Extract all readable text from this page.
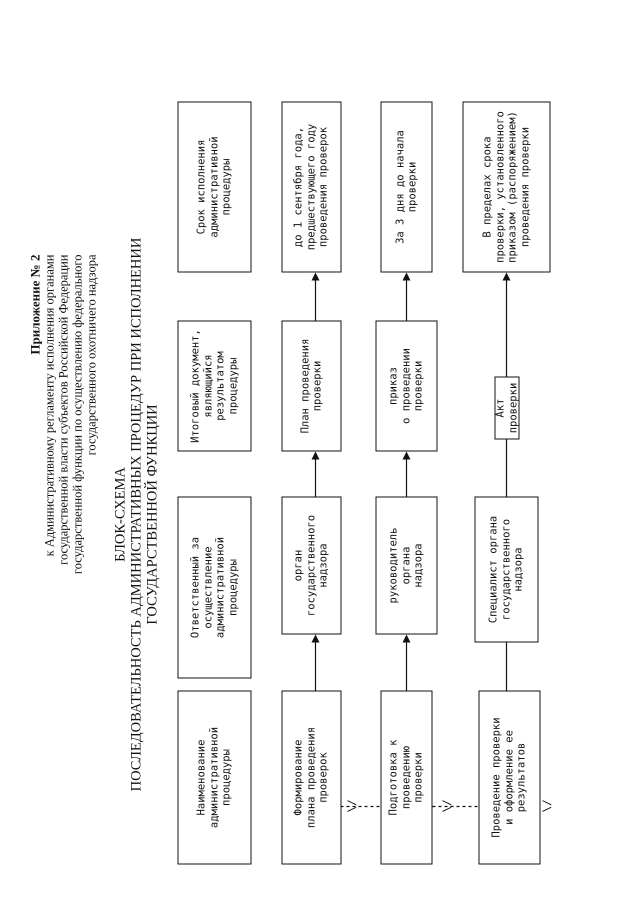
Приложение № 2 к Административному регламенту исполнения органами государственной власти субъектов Российской Федерации государственной функции по осуществлению федерального государственного охотничего надзора
БЛОК-СХЕМА ПОСЛЕДОВАТЕЛЬНОСТЬ АДМИНИСТРАТИВНЫХ ПРОЦЕДУР ПРИ ИСПОЛНЕНИИ ГОСУДАРСТВЕННОЙ ФУНКЦИИ
\/	\/	\/
Наименование
административной
процедуры
Ответственный за
осуществление
административной
процедуры
Итоговый документ,
являющийся результатом
процедуры
Срок исполнения
административной
процедуры
Формирование
плана проведения
проверок
орган
государственного
надзора
План проведения
проверки
до 1 сентября года,
предшествующего году
проведения проверок
Подготовка к
проведению
проверки
руководитель
органа
надзора
приказ
о проведении
проверки
За 3 дня до начала
проверки
Проведение проверки
и оформление ее
результатов
Специалист органа
государственного
надзора
Акт проверки
В пределах срока
проверки, установленного
приказом (распоряжением)
проведения проверки
